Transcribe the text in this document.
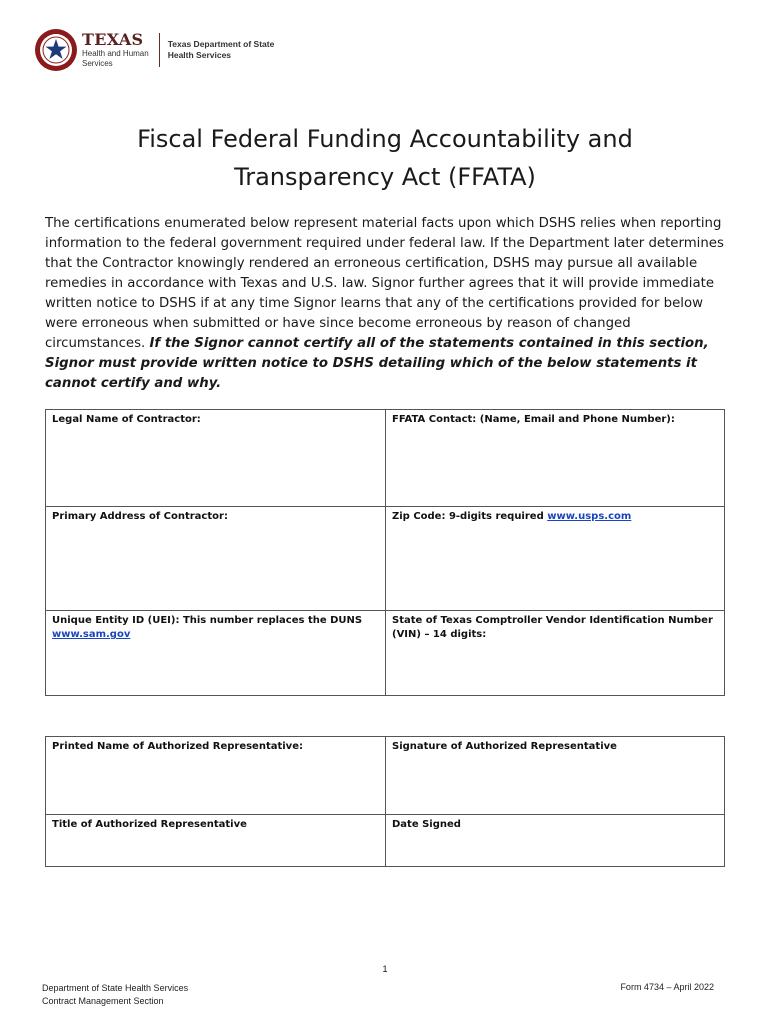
TEXAS
Health and Human
Services
Texas Department of State
Health Services
Fiscal Federal Funding Accountability and
Transparency Act (FFATA)
The certifications enumerated below represent material facts upon which DSHS relies when reporting information to the federal government required under federal law. If the Department later determines that the Contractor knowingly rendered an erroneous certification, DSHS may pursue all available remedies in accordance with Texas and U.S. law. Signor further agrees that it will provide immediate written notice to DSHS if at any time Signor learns that any of the certifications provided for below were erroneous when submitted or have since become erroneous by reason of changed circumstances. If the Signor cannot certify all of the statements contained in this section, Signor must provide written notice to DSHS detailing which of the below statements it cannot certify and why.
Legal Name of Contractor:	FFATA Contact: (Name, Email and Phone Number):
Primary Address of Contractor:	Zip Code: 9-digits required www.usps.com
Unique Entity ID (UEI): This number replaces the DUNS
www.sam.gov	State of Texas Comptroller Vendor Identification Number (VIN) – 14 digits:
Printed Name of Authorized Representative:	Signature of Authorized Representative
Title of Authorized Representative	Date Signed
1
Department of State Health Services
Contract Management Section
Form 4734 – April 2022
